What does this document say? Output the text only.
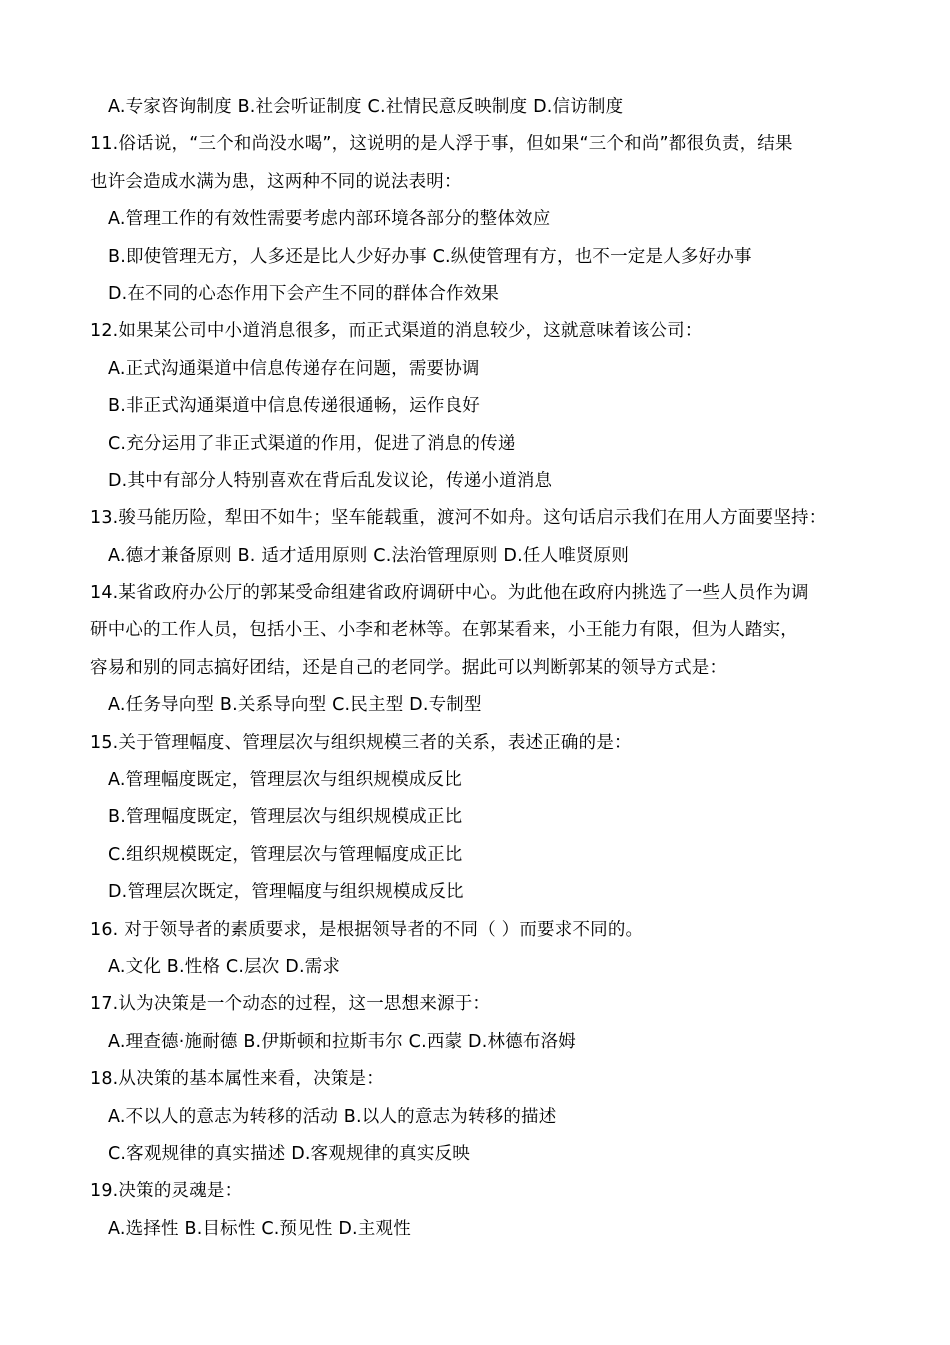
A.专家咨询制度 B.社会听证制度 C.社情民意反映制度 D.信访制度
11.俗话说，“三个和尚没水喝”，这说明的是人浮于事，但如果“三个和尚”都很负责，结果
也许会造成水满为患，这两种不同的说法表明：
A.管理工作的有效性需要考虑内部环境各部分的整体效应
B.即使管理无方，人多还是比人少好办事 C.纵使管理有方，也不一定是人多好办事
D.在不同的心态作用下会产生不同的群体合作效果
12.如果某公司中小道消息很多，而正式渠道的消息较少，这就意味着该公司：
A.正式沟通渠道中信息传递存在问题，需要协调
B.非正式沟通渠道中信息传递很通畅，运作良好
C.充分运用了非正式渠道的作用，促进了消息的传递
D.其中有部分人特别喜欢在背后乱发议论，传递小道消息
13.骏马能历险，犁田不如牛；坚车能载重，渡河不如舟。这句话启示我们在用人方面要坚持：
A.德才兼备原则 B. 适才适用原则 C.法治管理原则 D.任人唯贤原则
14.某省政府办公厅的郭某受命组建省政府调研中心。为此他在政府内挑选了一些人员作为调
研中心的工作人员，包括小王、小李和老林等。在郭某看来，小王能力有限，但为人踏实，
容易和别的同志搞好团结，还是自己的老同学。据此可以判断郭某的领导方式是：
A.任务导向型 B.关系导向型 C.民主型 D.专制型
15.关于管理幅度、管理层次与组织规模三者的关系，表述正确的是：
A.管理幅度既定，管理层次与组织规模成反比
B.管理幅度既定，管理层次与组织规模成正比
C.组织规模既定，管理层次与管理幅度成正比
D.管理层次既定，管理幅度与组织规模成反比
16. 对于领导者的素质要求，是根据领导者的不同（ ）而要求不同的。
A.文化 B.性格 C.层次 D.需求
17.认为决策是一个动态的过程，这一思想来源于：
A.理查德·施耐德 B.伊斯顿和拉斯韦尔 C.西蒙 D.林德布洛姆
18.从决策的基本属性来看，决策是：
A.不以人的意志为转移的活动 B.以人的意志为转移的描述
C.客观规律的真实描述 D.客观规律的真实反映
19.决策的灵魂是：
A.选择性 B.目标性 C.预见性 D.主观性
